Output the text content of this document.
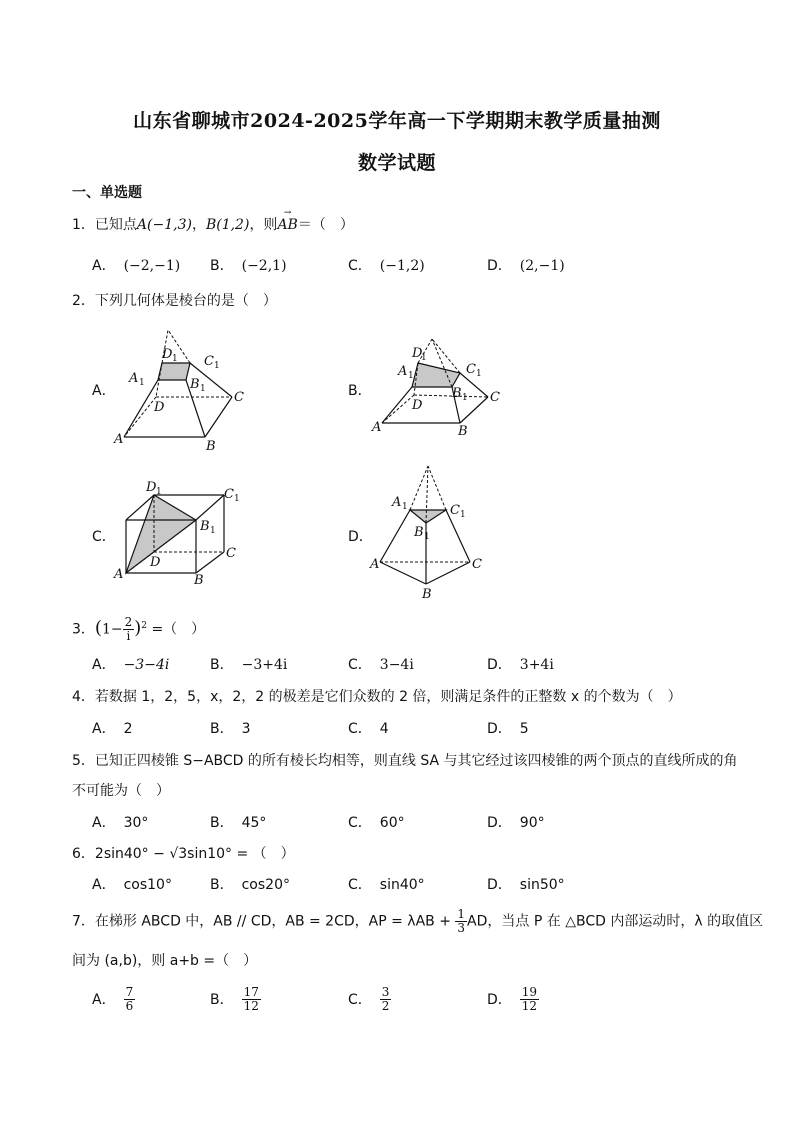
山东省聊城市2024-2025学年高一下学期期末教学质量抽测
数学试题
一、单选题
1．已知点A(−1,3)，B(1,2)，则→ AB＝（　）
A． (−2,−1) B． (−2,1)	C． (−1,2)	D． (2,−1)
2．下列几何体是棱台的是（　）
A．
D 1 C 1
A 1	B 1
D
C
A	B
B．
D
1
C 1
A 1
B 1
D
C
A	B
C．
D 1	C 1
B 1
D
C
A	B
D．
A 1	C 1
B 1
A	C
B
3．$(1- \frac{2}{i} )^2$ =（　）
A． −3−4i	B． −3+4i	C． 3−4i	D． 3+4i
4．若数据 1，2，5，x，2，2 的极差是它们众数的 2 倍，则满足条件的正整数 x 的个数为（　）
A． 2	B． 3	C． 4	D． 5
5．已知正四棱锥 S−ABCD 的所有棱长均相等，则直线 SA 与其它经过该四棱锥的两个顶点的直线所成的角
不可能为（　）
A． 30°	B． 45°	C． 60°	D． 90°
6．2sin40° − √3sin10° = （　）
A． cos10°	B． cos20°	C． sin40°	D． sin50°
7．在梯形 ABCD 中，AB // CD，AB = 2CD，AP = $\lambda AB + \frac{1}{3}$ AD，当点 P 在 △BCD 内部运动时，λ 的取值区
间为 (a,b)，则 a+b =（　）
A． $\frac{7}{6}$	B． $\frac{17}{12}$	C． $\frac{3}{2}$	D． $\frac{19}{12}$
